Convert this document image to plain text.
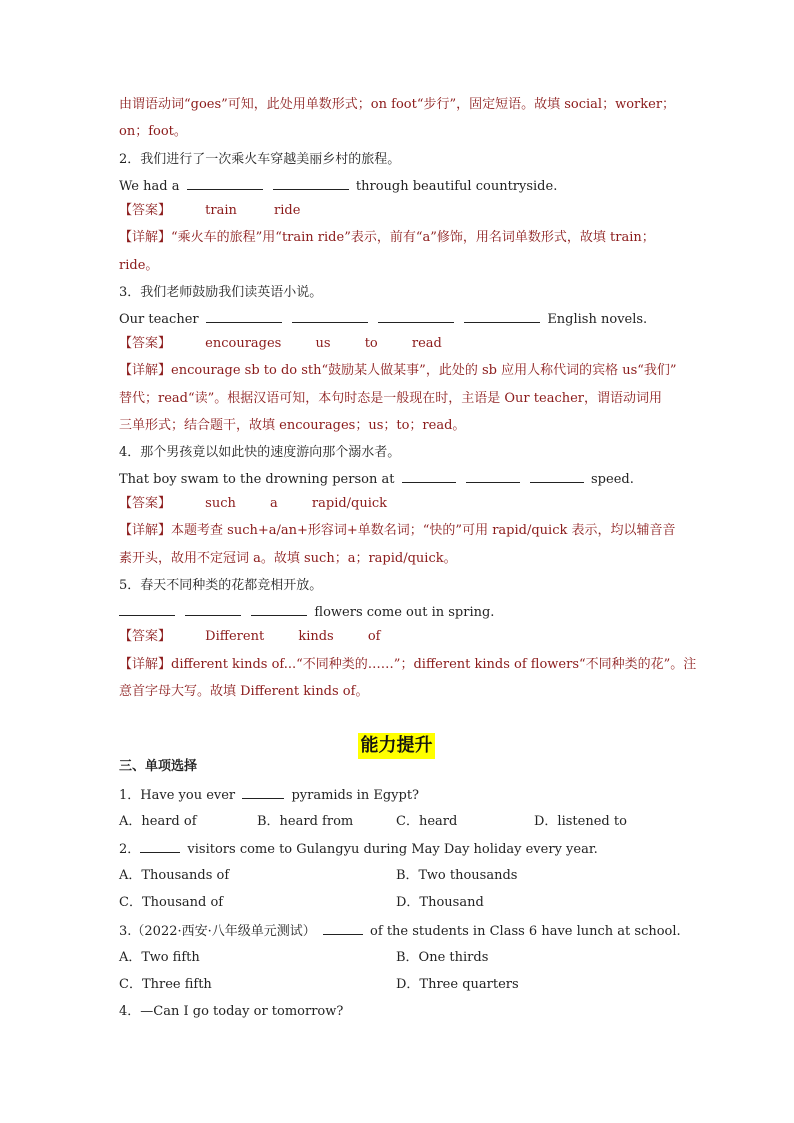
由谓语动词“goes”可知，此处用单数形式；on foot“步行”，固定短语。故填 social；worker；
on；foot。
2．我们进行了一次乘火车穿越美丽乡村的旅程。
We had a	through beautiful countryside.
【答案】	train	ride
【详解】“乘火车的旅程”用“train ride”表示，前有“a”修饰，用名词单数形式，故填 train；
ride。
3．我们老师鼓励我们读英语小说。
Our teacher	English novels.
【答案】	encourages	us	to	read
【详解】encourage sb to do sth“鼓励某人做某事”，此处的 sb 应用人称代词的宾格 us“我们”
替代；read“读”。根据汉语可知，本句时态是一般现在时，主语是 Our teacher，谓语动词用
三单形式；结合题干，故填 encourages；us；to；read。
4．那个男孩竟以如此快的速度游向那个溺水者。
That boy swam to the drowning person at	speed.
【答案】	such	a	rapid/quick
【详解】本题考查 such+a/an+形容词+单数名词；“快的”可用 rapid/quick 表示，均以辅音音
素开头，故用不定冠词 a。故填 such；a；rapid/quick。
5．春天不同种类的花都竞相开放。
flowers come out in spring.
【答案】	Different	kinds	of
【详解】different kinds of...“不同种类的……”；different kinds of flowers“不同种类的花”。注
意首字母大写。故填 Different kinds of。
能力提升
三、单项选择
1．Have you ever	pyramids in Egypt?
A．heard of	B．heard from	C．heard	D．listened to
2．	visitors come to Gulangyu during May Day holiday every year.
A．Thousands of	B．Two thousands
C．Thousand of	D．Thousand
3.（2022·西安·八年级单元测试）	of the students in Class 6 have lunch at school.
A．Two fifth	B．One thirds
C．Three fifth	D．Three quarters
4．—Can I go today or tomorrow?
